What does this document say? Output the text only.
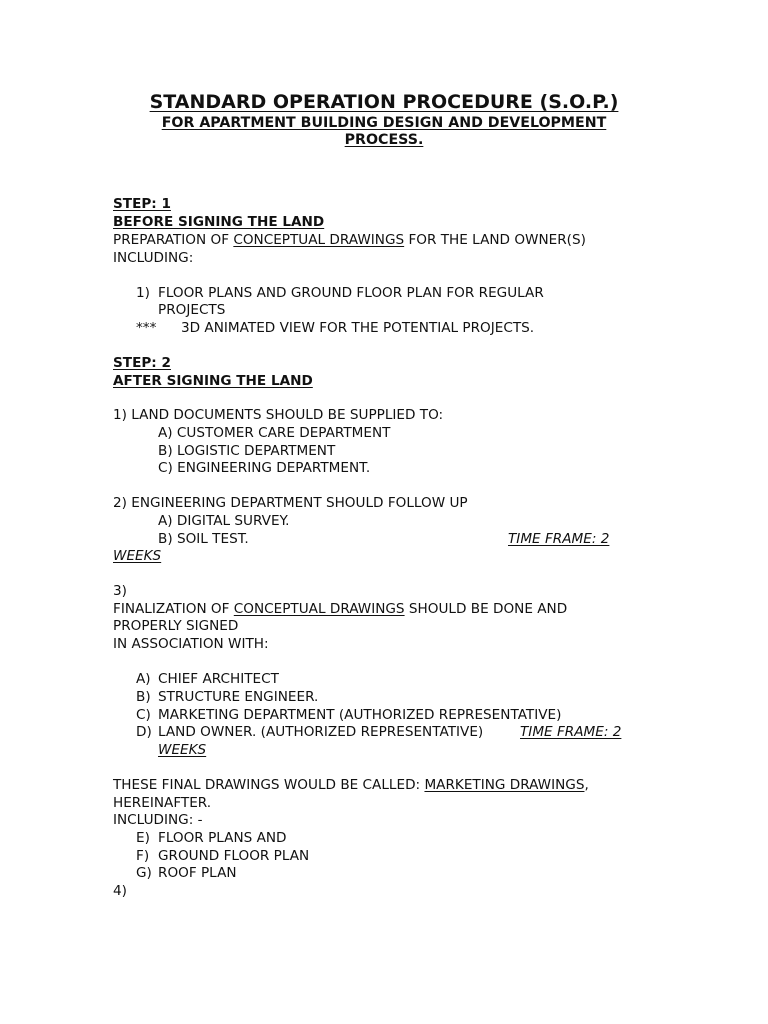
STANDARD OPERATION PROCEDURE (S.O.P.)
FOR APARTMENT BUILDING DESIGN AND DEVELOPMENT
PROCESS.
STEP: 1
BEFORE SIGNING THE LAND
PREPARATION OF CONCEPTUAL DRAWINGS FOR THE LAND OWNER(S)
INCLUDING:
1) FLOOR PLANS AND GROUND FLOOR PLAN FOR REGULAR
PROJECTS
*** 3D ANIMATED VIEW FOR THE POTENTIAL PROJECTS.
STEP: 2
AFTER SIGNING THE LAND
1) LAND DOCUMENTS SHOULD BE SUPPLIED TO:
A) CUSTOMER CARE DEPARTMENT
B) LOGISTIC DEPARTMENT
C) ENGINEERING DEPARTMENT.
2) ENGINEERING DEPARTMENT SHOULD FOLLOW UP
A) DIGITAL SURVEY.
B) SOIL TEST.	TIME FRAME: 2
WEEKS
3)
FINALIZATION OF CONCEPTUAL DRAWINGS SHOULD BE DONE AND
PROPERLY SIGNED
IN ASSOCIATION WITH:
A) CHIEF ARCHITECT
B) STRUCTURE ENGINEER.
C) MARKETING DEPARTMENT (AUTHORIZED REPRESENTATIVE)
D) LAND OWNER. (AUTHORIZED REPRESENTATIVE)	TIME FRAME: 2
WEEKS
THESE FINAL DRAWINGS WOULD BE CALLED: MARKETING DRAWINGS,
HEREINAFTER.
INCLUDING: -
E) FLOOR PLANS AND
F) GROUND FLOOR PLAN
G) ROOF PLAN
4)
